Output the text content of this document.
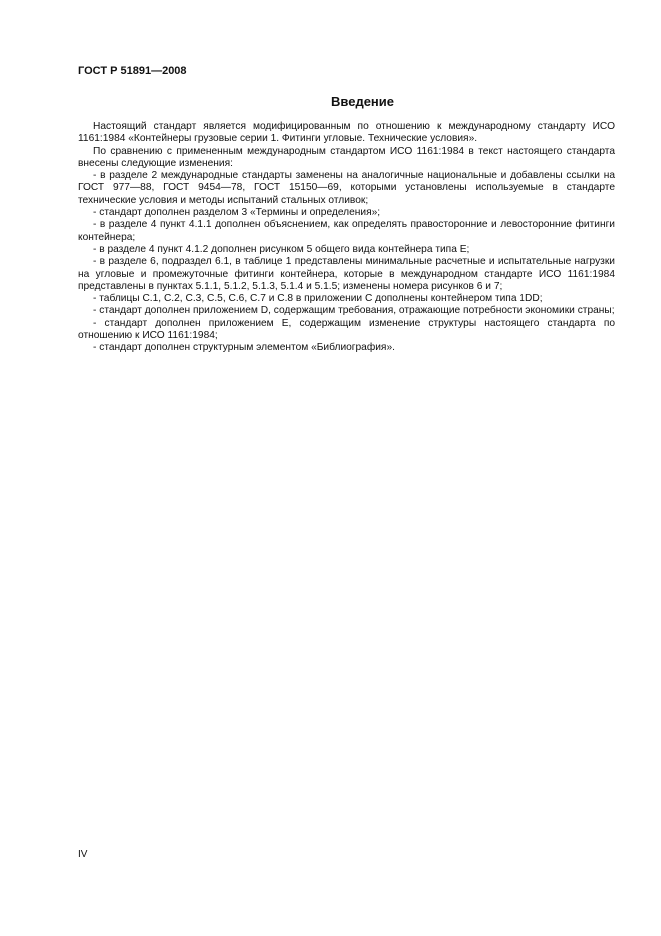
ГОСТ Р 51891—2008
Введение

Настоящий стандарт является модифицированным по отношению к международному стандарту ИСО 1161:1984 «Контейнеры грузовые серии 1. Фитинги угловые. Технические условия».

По сравнению с примененным международным стандартом ИСО 1161:1984 в текст настоящего стандарта внесены следующие изменения:

- в разделе 2 международные стандарты заменены на аналогичные национальные и добавлены ссылки на ГОСТ 977—88, ГОСТ 9454—78, ГОСТ 15150—69, которыми установлены используемые в стандарте технические условия и методы испытаний стальных отливок;

- стандарт дополнен разделом 3 «Термины и определения»;

- в разделе 4 пункт 4.1.1 дополнен объяснением, как определять правосторонние и левосторонние фитинги контейнера;

- в разделе 4 пункт 4.1.2 дополнен рисунком 5 общего вида контейнера типа Е;

- в разделе 6, подраздел 6.1, в таблице 1 представлены минимальные расчетные и испытательные нагрузки на угловые и промежуточные фитинги контейнера, которые в международном стандарте ИСО 1161:1984 представлены в пунктах 5.1.1, 5.1.2, 5.1.3, 5.1.4 и 5.1.5; изменены номера рисунков 6 и 7;

- таблицы С.1, С.2, С.3, С.5, С.6, С.7 и С.8 в приложении С дополнены контейнером типа 1DD;

- стандарт дополнен приложением D, содержащим требования, отражающие потребности экономики страны;

- стандарт дополнен приложением Е, содержащим изменение структуры настоящего стандарта по отношению к ИСО 1161:1984;

- стандарт дополнен структурным элементом «Библиография».

IV
